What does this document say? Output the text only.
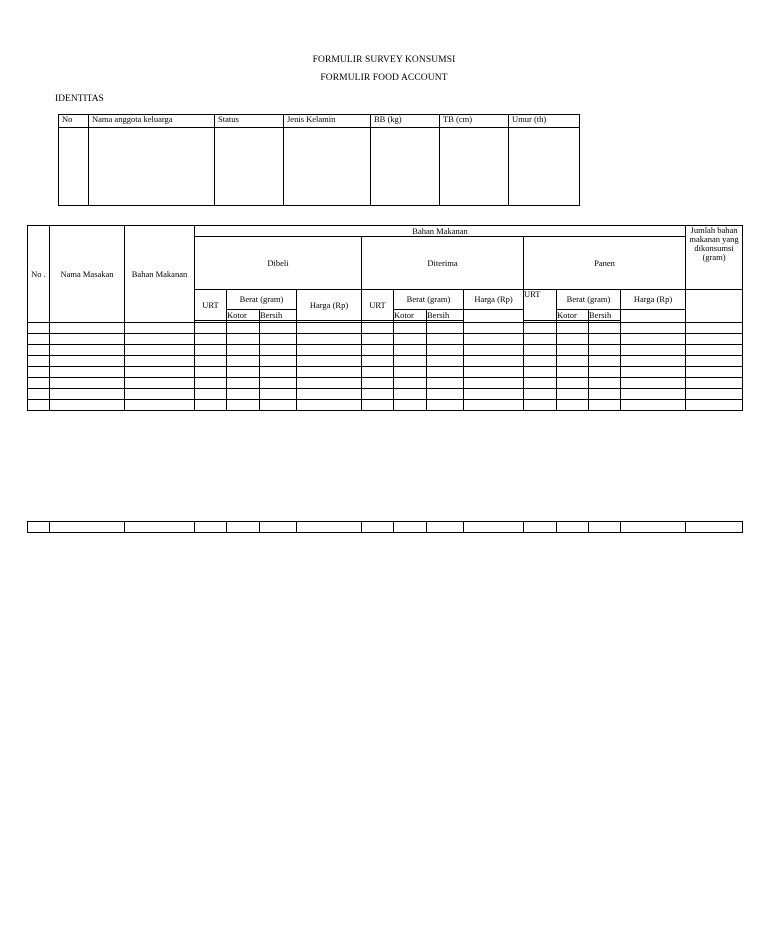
FORMULIR SURVEY KONSUMSI
FORMULIR FOOD ACCOUNT
IDENTITAS
No	Nama anggota keluarga	Status	Jenis Kelamin	BB (kg)	TB (cm)	Umur (th)

No .	Nama Masakan	Bahan Makanan	Bahan Makanan												Jumlah bahan makanan yang dikonsumsi (gram)
			Dibeli				Diterima				Panen				
			URT	Berat (gram)		Harga (Rp)	URT	Berat (gram)		Harga (Rp)	URT	Berat (gram)		Harga (Rp)	
				Kotor	Bersih			Kotor	Bersih			Kotor	Bersih		
